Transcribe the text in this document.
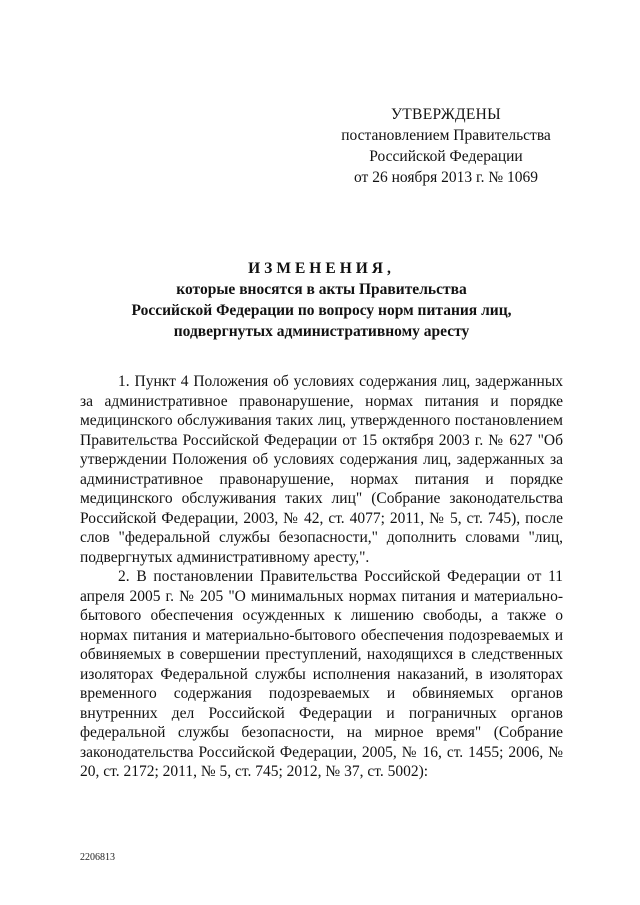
УТВЕРЖДЕНЫ
постановлением Правительства
Российской Федерации
от 26 ноября 2013 г. № 1069
ИЗМЕНЕНИЯ,
которые вносятся в акты Правительства
Российской Федерации по вопросу норм питания лиц,
подвергнутых административному аресту

1. Пункт 4 Положения об условиях содержания лиц, задержанных за административное правонарушение, нормах питания и порядке медицинского обслуживания таких лиц, утвержденного постановлением Правительства Российской Федерации от 15 октября 2003 г. № 627 "Об утверждении Положения об условиях содержания лиц, задержанных за административное правонарушение, нормах питания и порядке медицинского обслуживания таких лиц" (Собрание законодательства Российской Федерации, 2003, № 42, ст. 4077; 2011, № 5, ст. 745), после слов "федеральной службы безопасности," дополнить словами "лиц, подвергнутых административному аресту,".

2. В постановлении Правительства Российской Федерации от 11 апреля 2005 г. № 205 "О минимальных нормах питания и материально-бытового обеспечения осужденных к лишению свободы, а также о нормах питания и материально-бытового обеспечения подозреваемых и обвиняемых в совершении преступлений, находящихся в следственных изоляторах Федеральной службы исполнения наказаний, в изоляторах временного содержания подозреваемых и обвиняемых органов внутренних дел Российской Федерации и пограничных органов федеральной службы безопасности, на мирное время" (Собрание законодательства Российской Федерации, 2005, № 16, ст. 1455; 2006, № 20, ст. 2172; 2011, № 5, ст. 745; 2012, № 37, ст. 5002):

2206813
